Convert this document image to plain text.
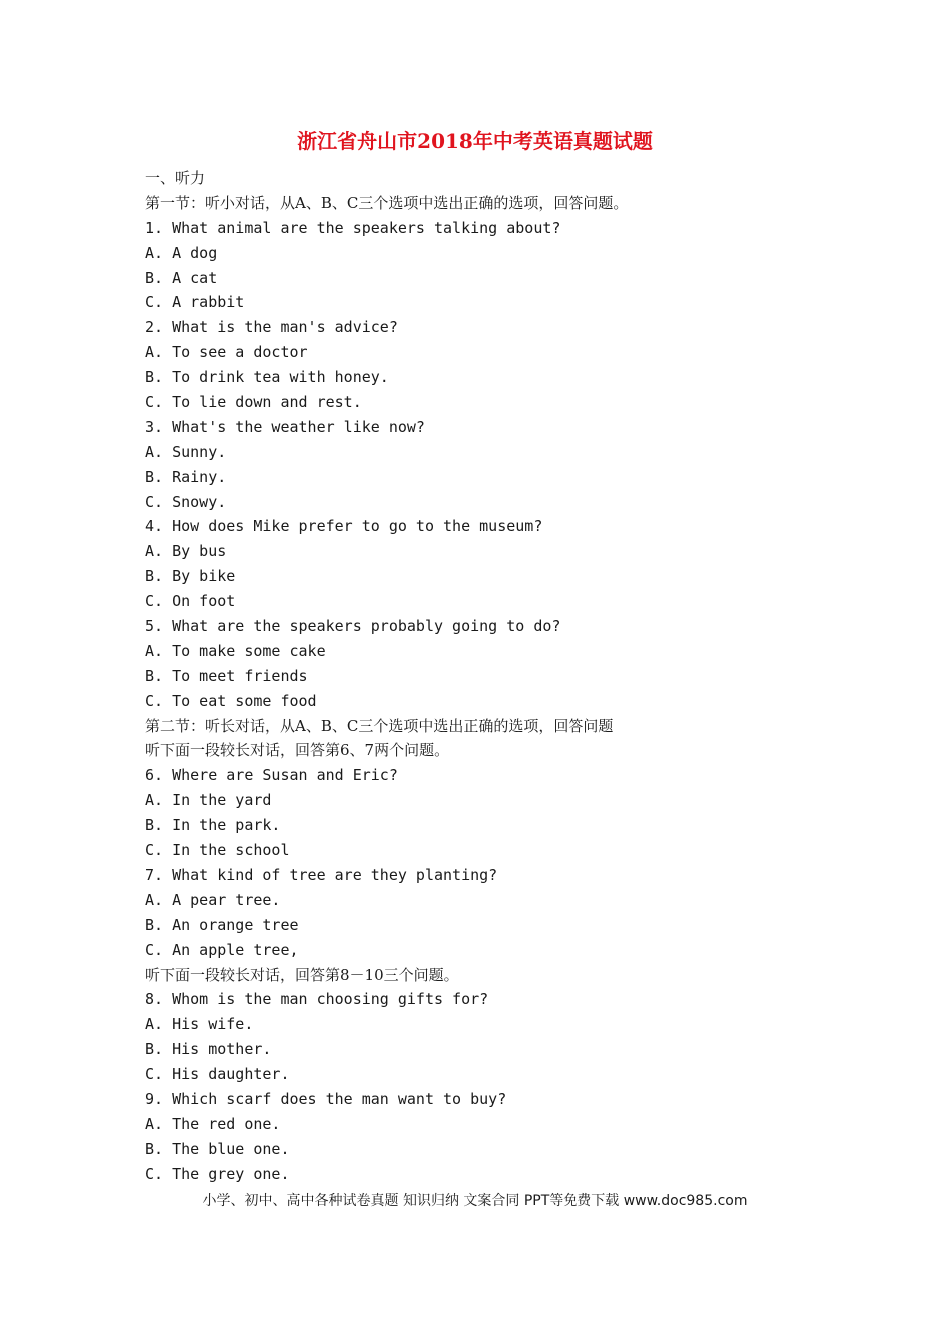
浙江省舟山市2018年中考英语真题试题
一、听力
第一节：听小对话，从A、B、C三个选项中选出正确的选项，回答问题。
1. What animal are the speakers talking about?
A. A dog
B. A cat
C. A rabbit
2. What is the man's advice?
A. To see a doctor
B. To drink tea with honey.
C. To lie down and rest.
3. What's the weather like now?
A. Sunny.
B. Rainy.
C. Snowy.
4. How does Mike prefer to go to the museum?
A. By bus
B. By bike
C. On foot
5. What are the speakers probably going to do?
A. To make some cake
B. To meet friends
C. To eat some food
第二节：听长对话，从A、B、C三个选项中选出正确的选项，回答问题
听下面一段较长对话，回答第6、7两个问题。
6. Where are Susan and Eric?
A. In the yard
B. In the park.
C. In the school
7. What kind of tree are they planting?
A. A pear tree.
B. An orange tree
C. An apple tree,
听下面一段较长对话，回答第8－10三个问题。
8. Whom is the man choosing gifts for?
A. His wife.
B. His mother.
C. His daughter.
9. Which scarf does the man want to buy?
A. The red one.
B. The blue one.
C. The grey one.
小学、初中、高中各种试卷真题 知识归纳 文案合同 PPT等免费下载 www.doc985.com
